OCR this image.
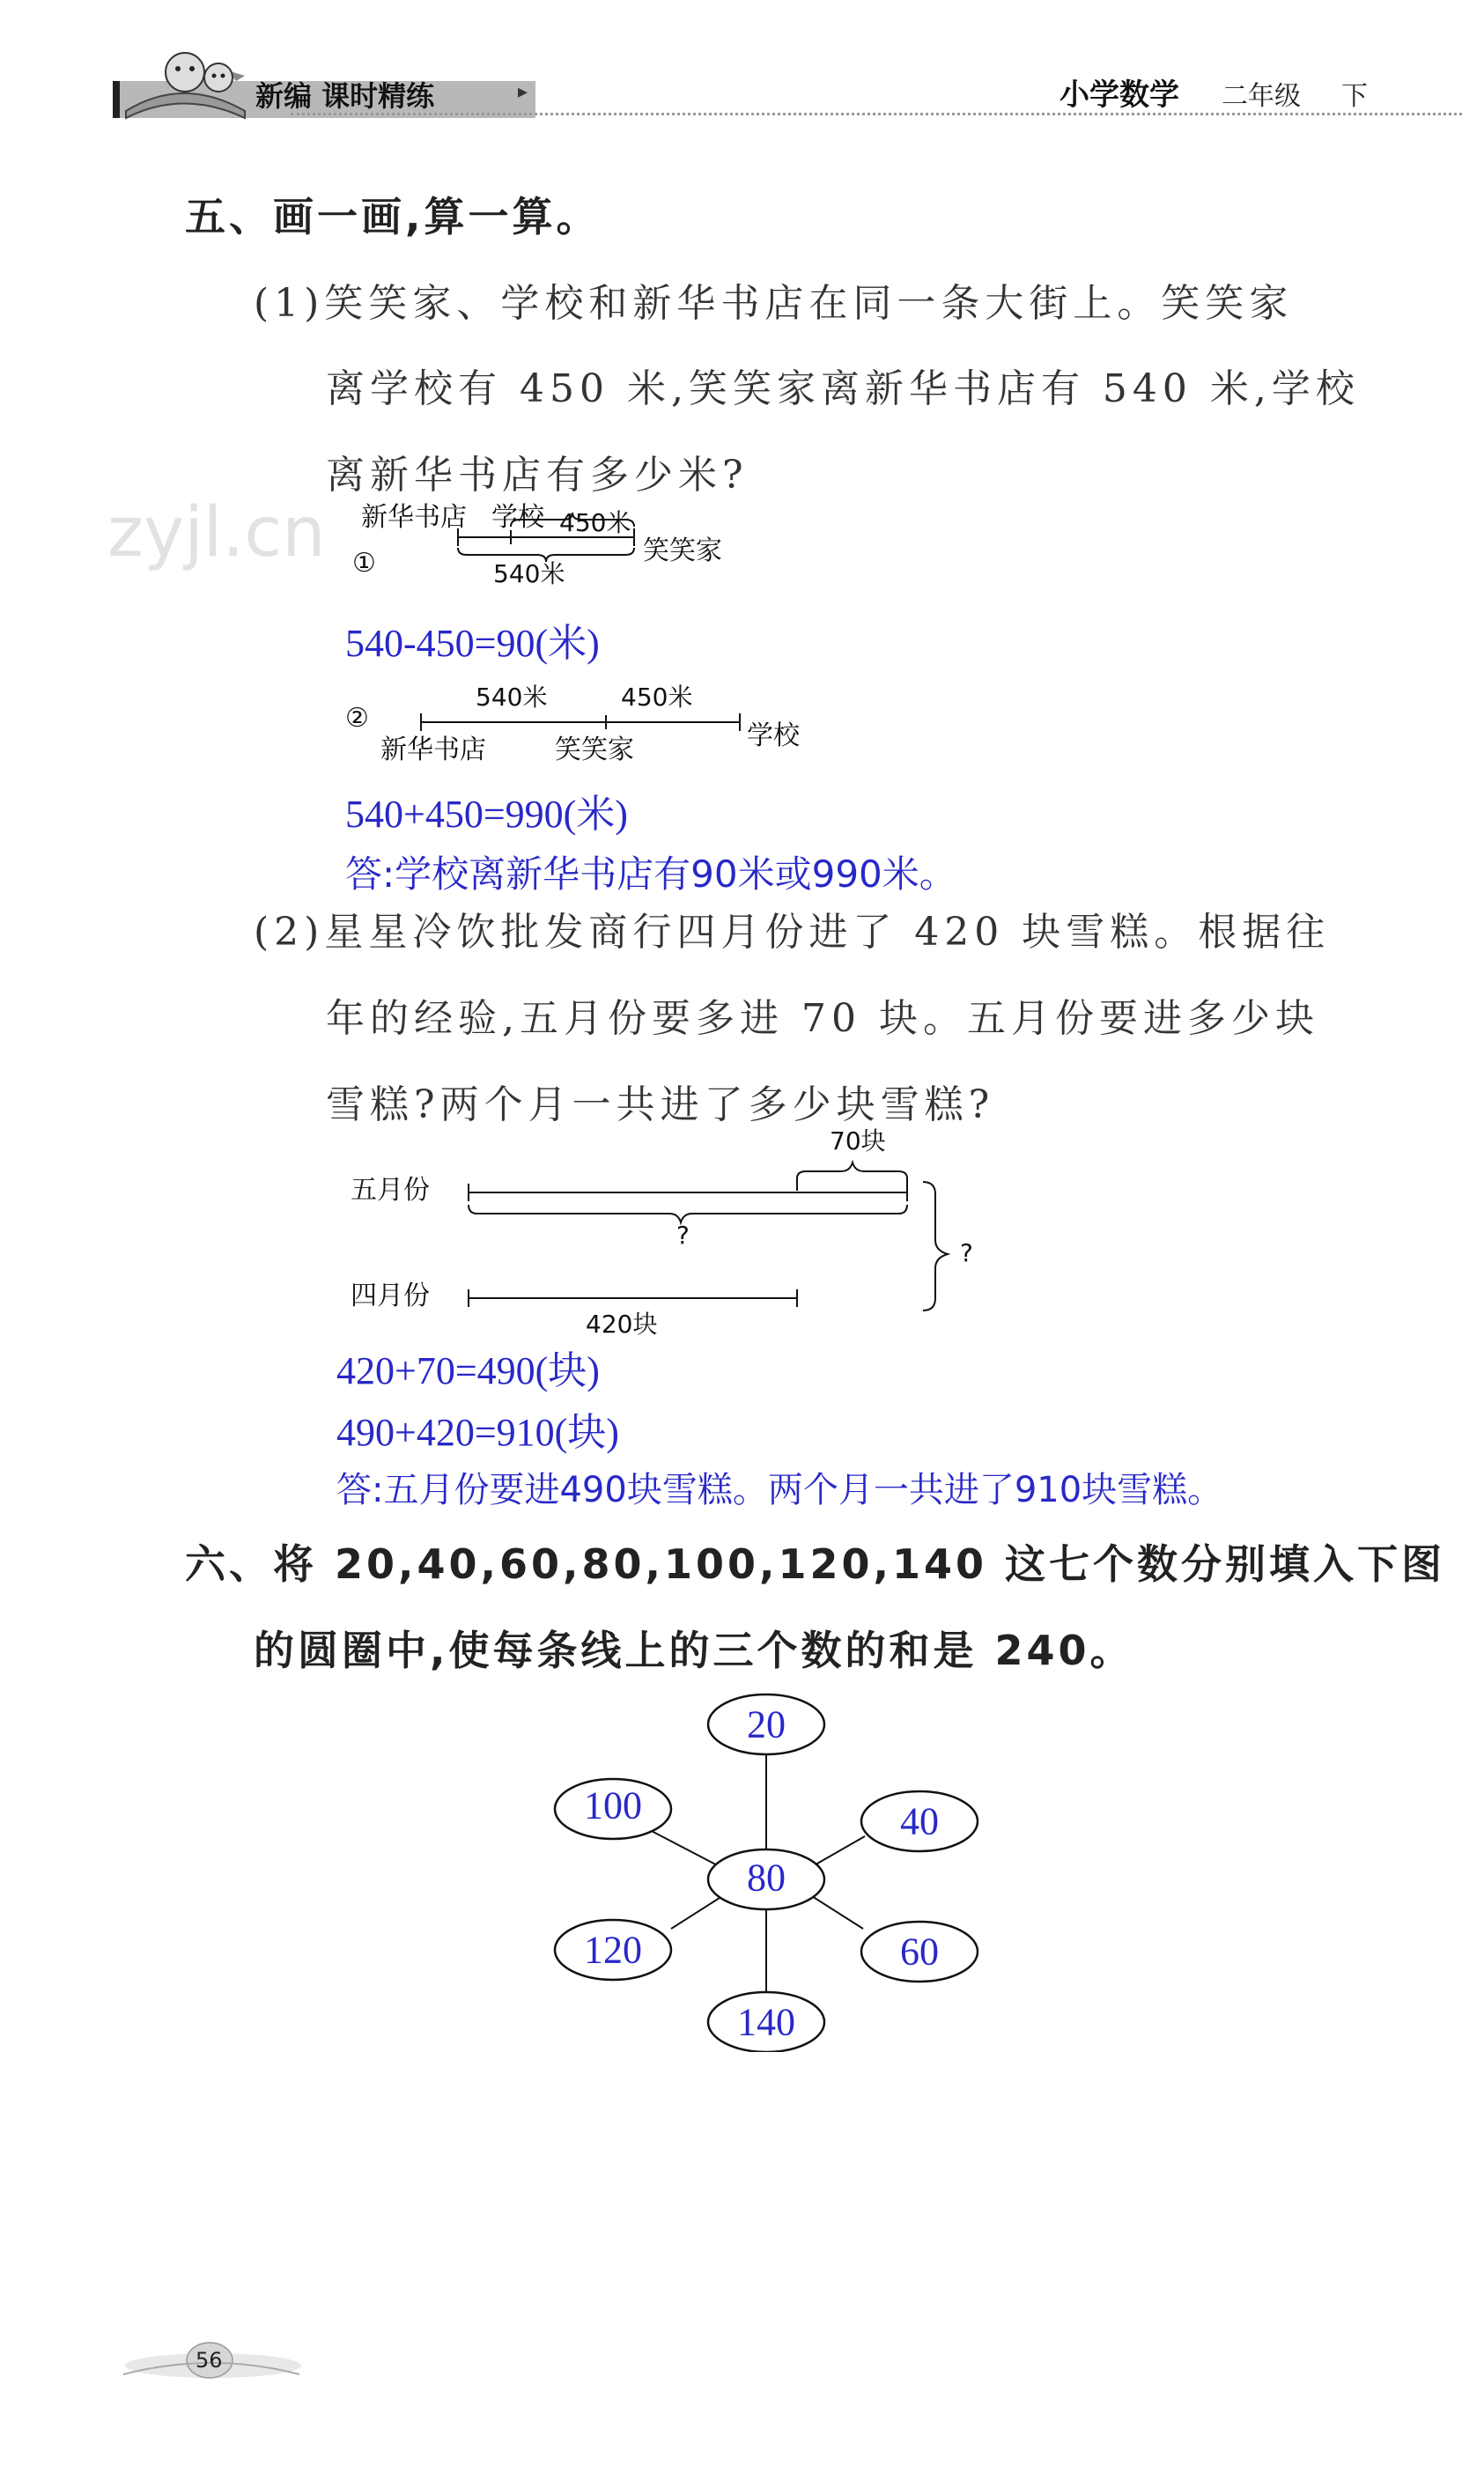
新编 课时精练	▸	小学数学 二年级 下
zyjl.cn
五、画一画,算一算。
(1)笑笑家、学校和新华书店在同一条大街上。笑笑家
离学校有 450 米,笑笑家离新华书店有 540 米,学校
离新华书店有多少米?
新华书店 学校 450米
笑笑家
①	540米
540-450=90(米)
540米	450米
②
学校
新华书店	笑笑家
540+450=990(米)
答:学校离新华书店有90米或990米。
(2)星星冷饮批发商行四月份进了 420 块雪糕。根据往
年的经验,五月份要多进 70 块。五月份要进多少块
雪糕?两个月一共进了多少块雪糕?
70块
五月份
?
?
四月份
420块
420+70=490(块)
490+420=910(块)
答:五月份要进490块雪糕。两个月一共进了910块雪糕。
六、将 20,40,60,80,100,120,140 这七个数分别填入下图
的圆圈中,使每条线上的三个数的和是 240。
20
100	40
80
120	60
140
56
